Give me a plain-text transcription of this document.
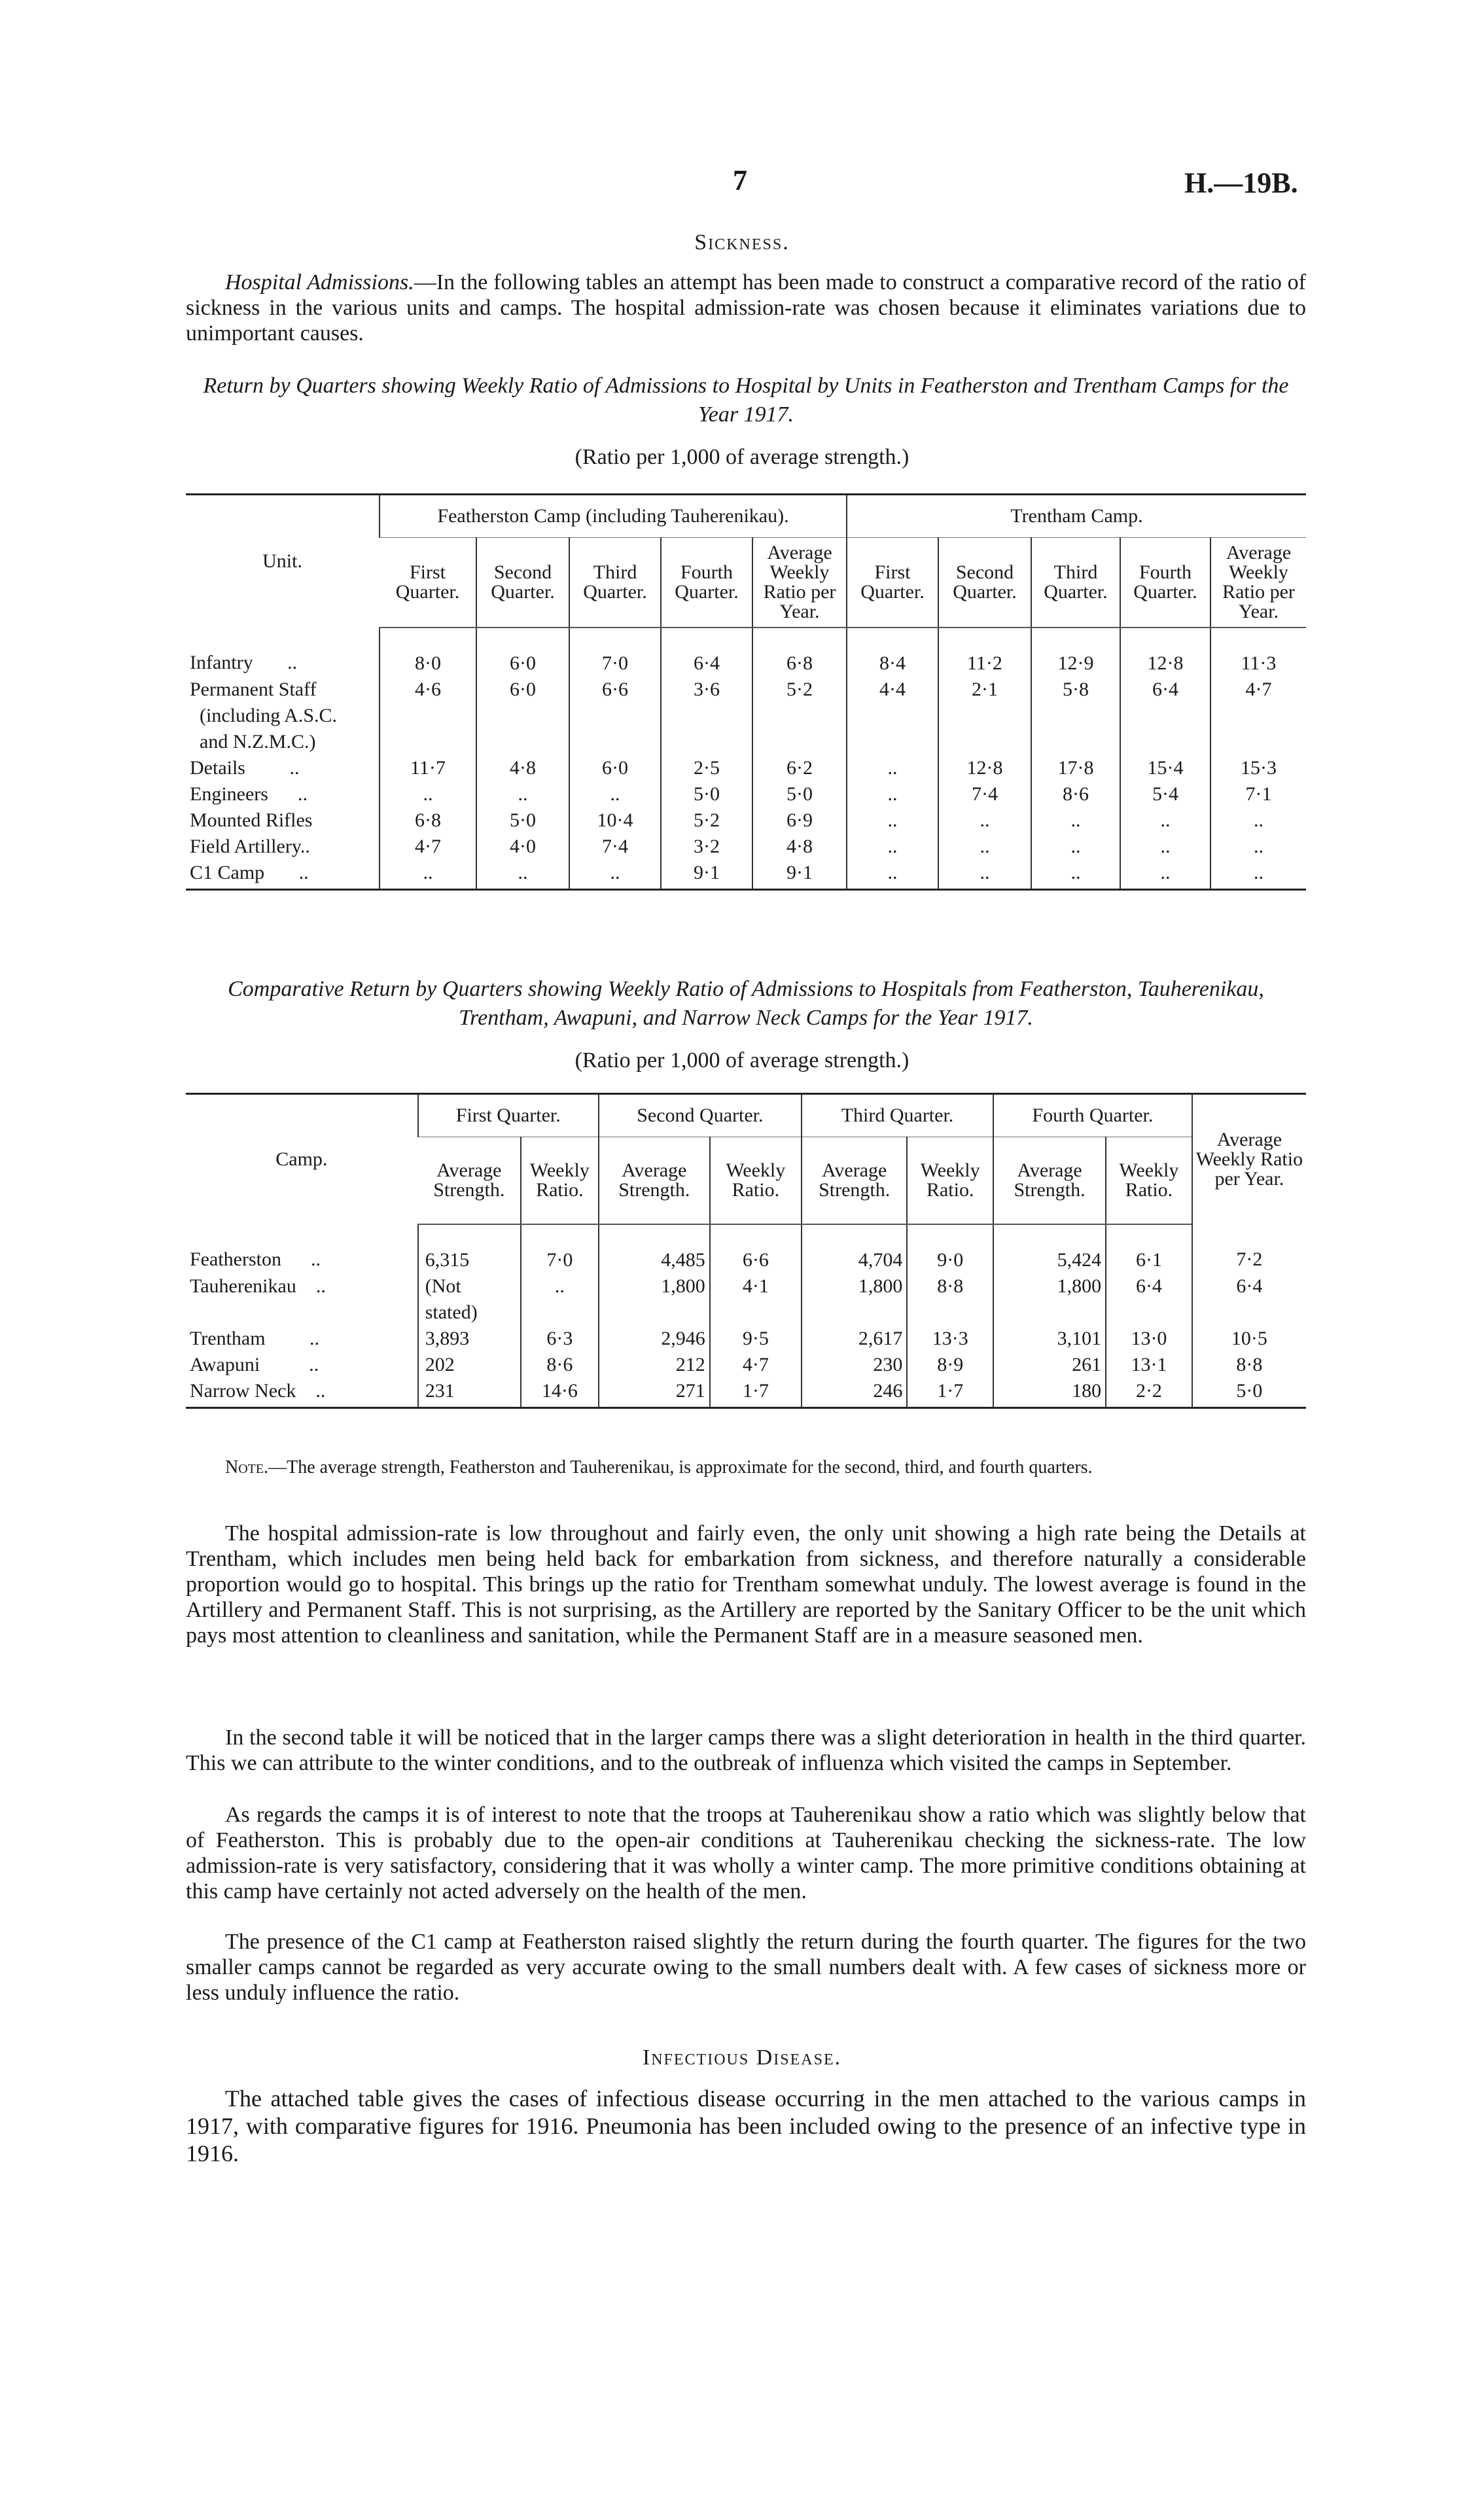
7	H.—19B.
Sickness.
Hospital Admissions.—In the following tables an attempt has been made to construct a comparative record of the ratio of sickness in the various units and camps. The hospital admission-rate was chosen because it eliminates variations due to unimportant causes.
Return by Quarters showing Weekly Ratio of Admissions to Hospital by Units in Featherston and Trentham Camps for the Year 1917.
(Ratio per 1,000 of average strength.)
Unit.	Featherston Camp (including Tauherenikau).					Trentham Camp.				
	First Quarter.	Second Quarter.	Third Quarter.	Fourth Quarter.	Average Weekly Ratio per Year.	First Quarter.	Second Quarter.	Third Quarter.	Fourth Quarter.	Average Weekly Ratio per Year.
Infantry       ..	8·0	6·0	7·0	6·4	6·8	8·4	11·2	12·9	12·8	11·3
Permanent Staff	4·6	6·0	6·6	3·6	5·2	4·4	2·1	5·8	6·4	4·7
(including A.S.C.										
and N.Z.M.C.)										
Details         ..	11·7	4·8	6·0	2·5	6·2	..	12·8	17·8	15·4	15·3
Engineers      ..	..	..	..	5·0	5·0	..	7·4	8·6	5·4	7·1
Mounted Rifles	6·8	5·0	10·4	5·2	6·9	..	..	..	..	..
Field Artillery..	4·7	4·0	7·4	3·2	4·8	..	..	..	..	..
C1 Camp       ..	..	..	..	9·1	9·1	..	..	..	..	..
Comparative Return by Quarters showing Weekly Ratio of Admissions to Hospitals from Featherston, Tauherenikau, Trentham, Awapuni, and Narrow Neck Camps for the Year 1917.
(Ratio per 1,000 of average strength.)
Camp.	First Quarter.		Second Quarter.		Third Quarter.		Fourth Quarter.		Average Weekly Ratio per Year.
	Average Strength.	Weekly Ratio.	Average Strength.	Weekly Ratio.	Average Strength.	Weekly Ratio.	Average Strength.	Weekly Ratio.	
Featherston      ..	6,315	7·0	4,485	6·6	4,704	9·0	5,424	6·1	7·2
Tauherenikau    ..	(Not	..	1,800	4·1	1,800	8·8	1,800	6·4	6·4
	stated)								
Trentham         ..	3,893	6·3	2,946	9·5	2,617	13·3	3,101	13·0	10·5
Awapuni          ..	202	8·6	212	4·7	230	8·9	261	13·1	8·8
Narrow Neck    ..	231	14·6	271	1·7	246	1·7	180	2·2	5·0
Note.—The average strength, Featherston and Tauherenikau, is approximate for the second, third, and fourth quarters.
The hospital admission-rate is low throughout and fairly even, the only unit showing a high rate being the Details at Trentham, which includes men being held back for embarkation from sickness, and therefore naturally a considerable proportion would go to hospital. This brings up the ratio for Trentham somewhat unduly. The lowest average is found in the Artillery and Permanent Staff. This is not surprising, as the Artillery are reported by the Sanitary Officer to be the unit which pays most attention to cleanliness and sanitation, while the Permanent Staff are in a measure seasoned men.
In the second table it will be noticed that in the larger camps there was a slight deterioration in health in the third quarter. This we can attribute to the winter conditions, and to the outbreak of influenza which visited the camps in September.
As regards the camps it is of interest to note that the troops at Tauherenikau show a ratio which was slightly below that of Featherston. This is probably due to the open-air conditions at Tauherenikau checking the sickness-rate. The low admission-rate is very satisfactory, considering that it was wholly a winter camp. The more primitive conditions obtaining at this camp have certainly not acted adversely on the health of the men.
The presence of the C1 camp at Featherston raised slightly the return during the fourth quarter. The figures for the two smaller camps cannot be regarded as very accurate owing to the small numbers dealt with. A few cases of sickness more or less unduly influence the ratio.
Infectious Disease.
The attached table gives the cases of infectious disease occurring in the men attached to the various camps in 1917, with comparative figures for 1916. Pneumonia has been included owing to the presence of an infective type in 1916.
